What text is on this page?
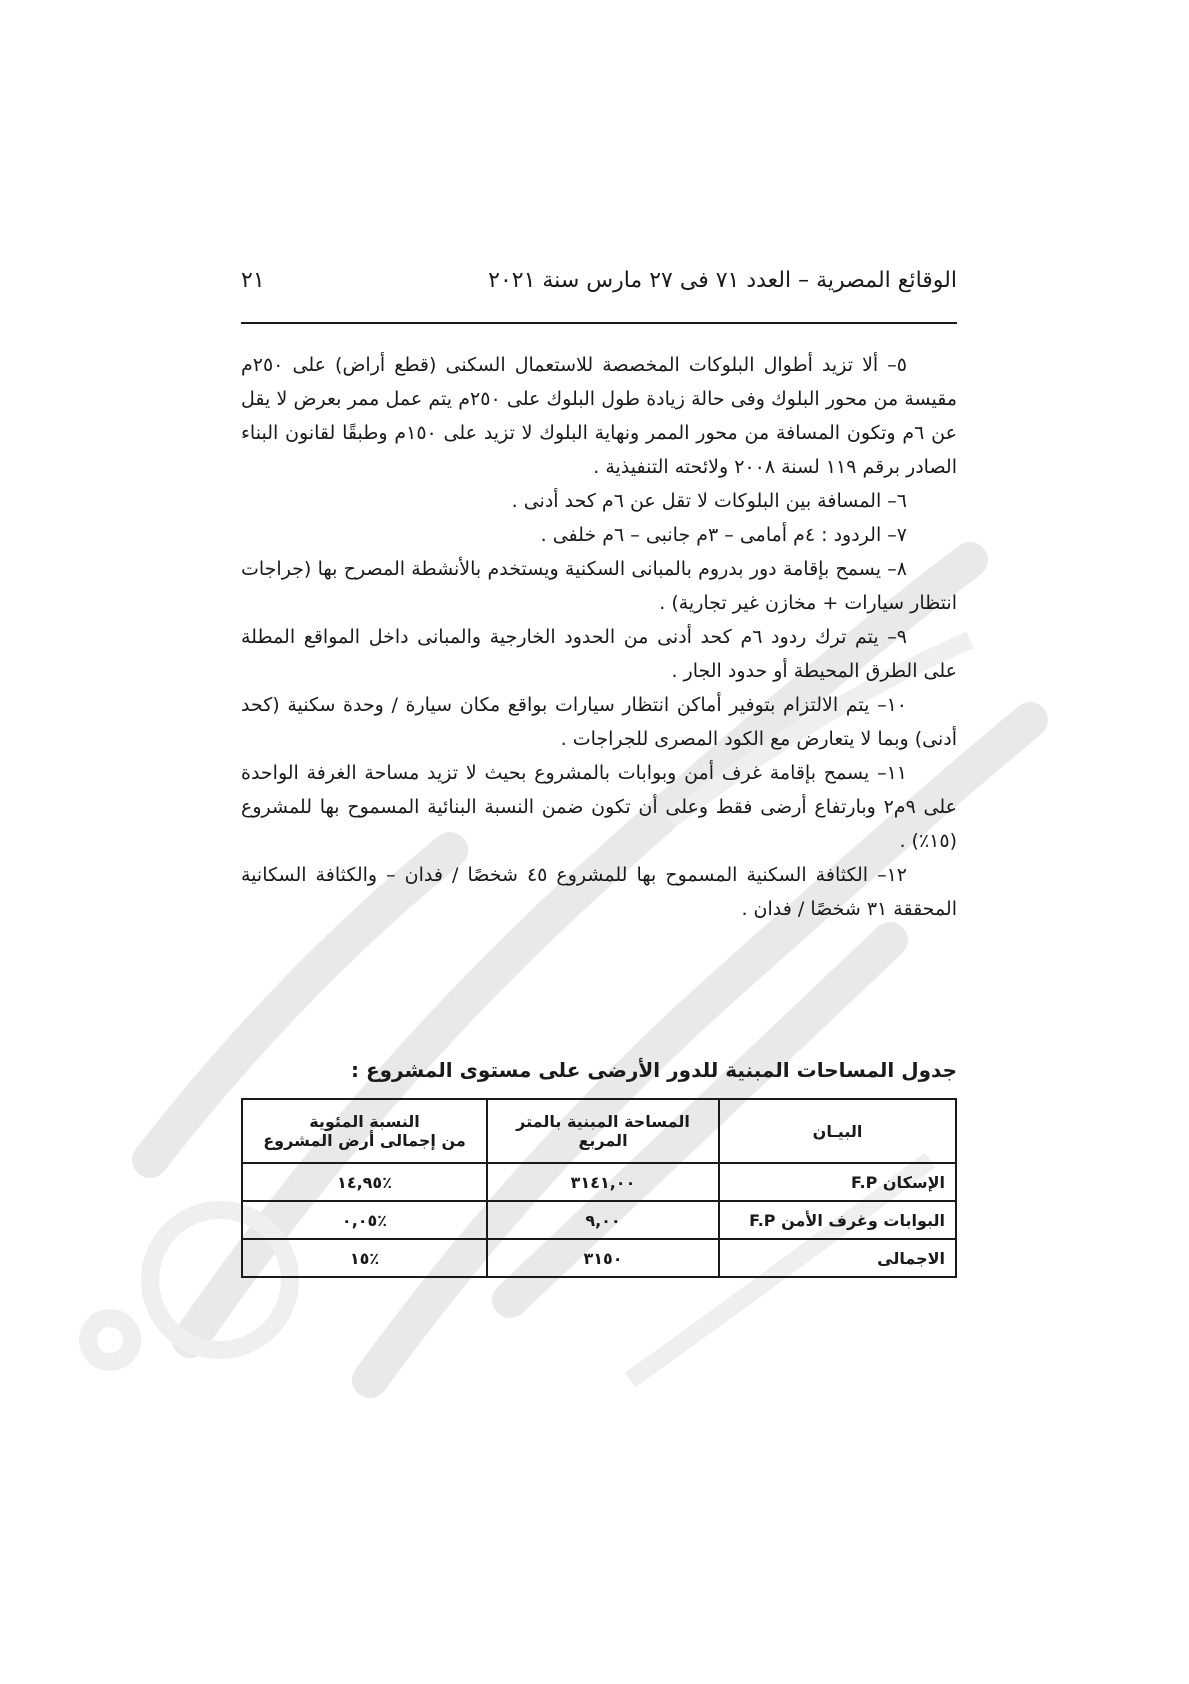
الوقائع المصرية – العدد ٧١ فى ٢٧ مارس سنة ٢٠٢١
٢١

٥– ألا تزيد أطوال البلوكات المخصصة للاستعمال السكنى (قطع أراض) على ٢٥٠م مقيسة من محور البلوك وفى حالة زيادة طول البلوك على ٢٥٠م يتم عمل ممر بعرض لا يقل عن ٦م وتكون المسافة من محور الممر ونهاية البلوك لا تزيد على ١٥٠م وطبقًا لقانون البناء الصادر برقم ١١٩ لسنة ٢٠٠٨ ولائحته التنفيذية .

٦– المسافة بين البلوكات لا تقل عن ٦م كحد أدنى .

٧– الردود : ٤م أمامى – ٣م جانبى – ٦م خلفى .

٨– يسمح بإقامة دور بدروم بالمبانى السكنية ويستخدم بالأنشطة المصرح بها (جراجات انتظار سيارات + مخازن غير تجارية) .

٩– يتم ترك ردود ٦م كحد أدنى من الحدود الخارجية والمبانى داخل المواقع المطلة على الطرق المحيطة أو حدود الجار .

١٠– يتم الالتزام بتوفير أماكن انتظار سيارات بواقع مكان سيارة / وحدة سكنية (كحد أدنى) وبما لا يتعارض مع الكود المصرى للجراجات .

١١– يسمح بإقامة غرف أمن وبوابات بالمشروع بحيث لا تزيد مساحة الغرفة الواحدة على ٩م٢ وبارتفاع أرضى فقط وعلى أن تكون ضمن النسبة البنائية المسموح بها للمشروع (١٥٪) .

١٢– الكثافة السكنية المسموح بها للمشروع ٤٥ شخصًا / فدان – والكثافة السكانية المحققة ٣١ شخصًا / فدان .

جدول المساحات المبنية للدور الأرضى على مستوى المشروع :
البيـان	المساحة المبنية بالمتر المربع	النسبة المئوية
من إجمالى أرض المشروع

الإسكان F.P	٣١٤١,٠٠	٪١٤,٩٥
البوابات وغرف الأمن F.P	٩,٠٠	٪٠,٠٥
الاجمالى	٣١٥٠	٪١٥
